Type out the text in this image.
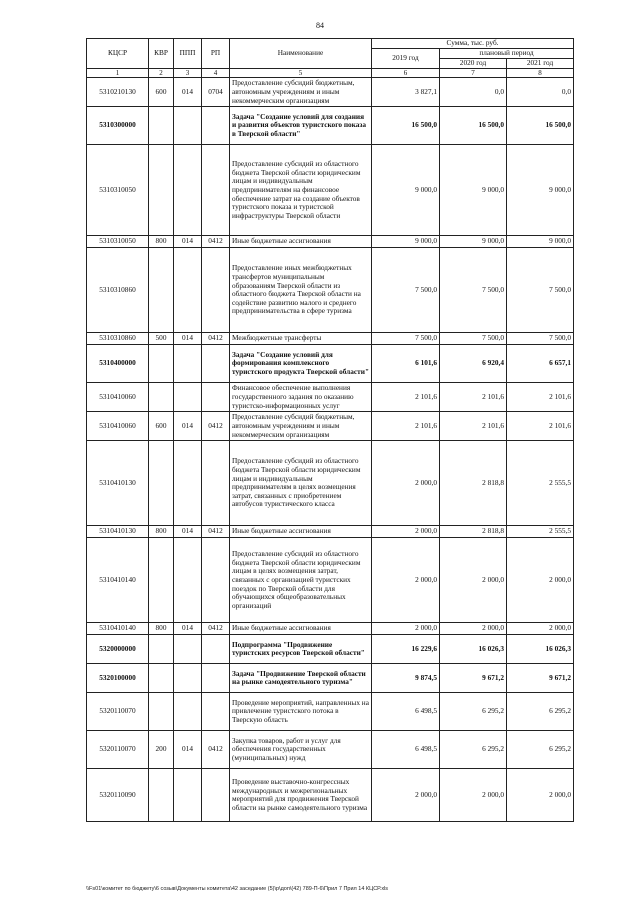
84
КЦСР	КВР	ППП	РП	Наименование	Сумма, тыс. руб.		
					2019 год	плановый период	
						2020 год	2021 год
1	2	3	4	5	6	7	8
5310210130	600	014	0704	Предоставление субсидий бюджетным, автономным учреждениям и иным некоммерческим организациям	3 827,1	0,0	0,0
5310300000				Задача "Создание условий для создания и развития объектов туристского показа в Тверской области"	16 500,0	16 500,0	16 500,0
5310310050				Предоставление субсидий из областного бюджета Тверской области юридическим лицам и индивидуальным предпринимателям на финансовое обеспечение затрат на создание объектов туристского показа и туристской инфраструктуры Тверской области	9 000,0	9 000,0	9 000,0
5310310050	800	014	0412	Иные бюджетные ассигнования	9 000,0	9 000,0	9 000,0
5310310860				Предоставление иных межбюджетных трансфертов муниципальным образованиям Тверской области из областного бюджета Тверской области на содействие развитию малого и среднего предпринимательства в сфере туризма	7 500,0	7 500,0	7 500,0
5310310860	500	014	0412	Межбюджетные трансферты	7 500,0	7 500,0	7 500,0
5310400000				Задача "Создание условий для формирования комплексного туристского продукта Тверской области"	6 101,6	6 920,4	6 657,1
5310410060				Финансовое обеспечение выполнения государственного задания по оказанию туристско-информационных услуг	2 101,6	2 101,6	2 101,6
5310410060	600	014	0412	Предоставление субсидий бюджетным, автономным учреждениям и иным некоммерческим организациям	2 101,6	2 101,6	2 101,6
5310410130				Предоставление субсидий из областного бюджета Тверской области юридическим лицам и индивидуальным предпринимателям в целях возмещения затрат, связанных с приобретением автобусов туристического класса	2 000,0	2 818,8	2 555,5
5310410130	800	014	0412	Иные бюджетные ассигнования	2 000,0	2 818,8	2 555,5
5310410140				Предоставление субсидий из областного бюджета Тверской области юридическим лицам в целях возмещения затрат, связанных с организацией туристских поездок по Тверской области для обучающихся общеобразовательных организаций	2 000,0	2 000,0	2 000,0
5310410140	800	014	0412	Иные бюджетные ассигнования	2 000,0	2 000,0	2 000,0
5320000000				Подпрограмма "Продвижение туристских ресурсов Тверской области"	16 229,6	16 026,3	16 026,3
5320100000				Задача "Продвижение Тверской области на рынке самодеятельного туризма"	9 874,5	9 671,2	9 671,2
5320110070				Проведение мероприятий, направленных на привлечение туристского потока в Тверскую область	6 498,5	6 295,2	6 295,2
5320110070	200	014	0412	Закупка товаров, работ и услуг для обеспечения государственных (муниципальных) нужд	6 498,5	6 295,2	6 295,2
5320110090				Проведение выставочно-конгрессных международных и межрегиональных мероприятий для продвижения Тверской области на рынке самодеятельного туризма	2 000,0	2 000,0	2 000,0
\\Fs01\комитет по бюджету\6 созыв\Документы комитета\42 заседание (5)\p\доп\(42) 789-П-6\Прил 7 Прил 14 КЦСР.xls
